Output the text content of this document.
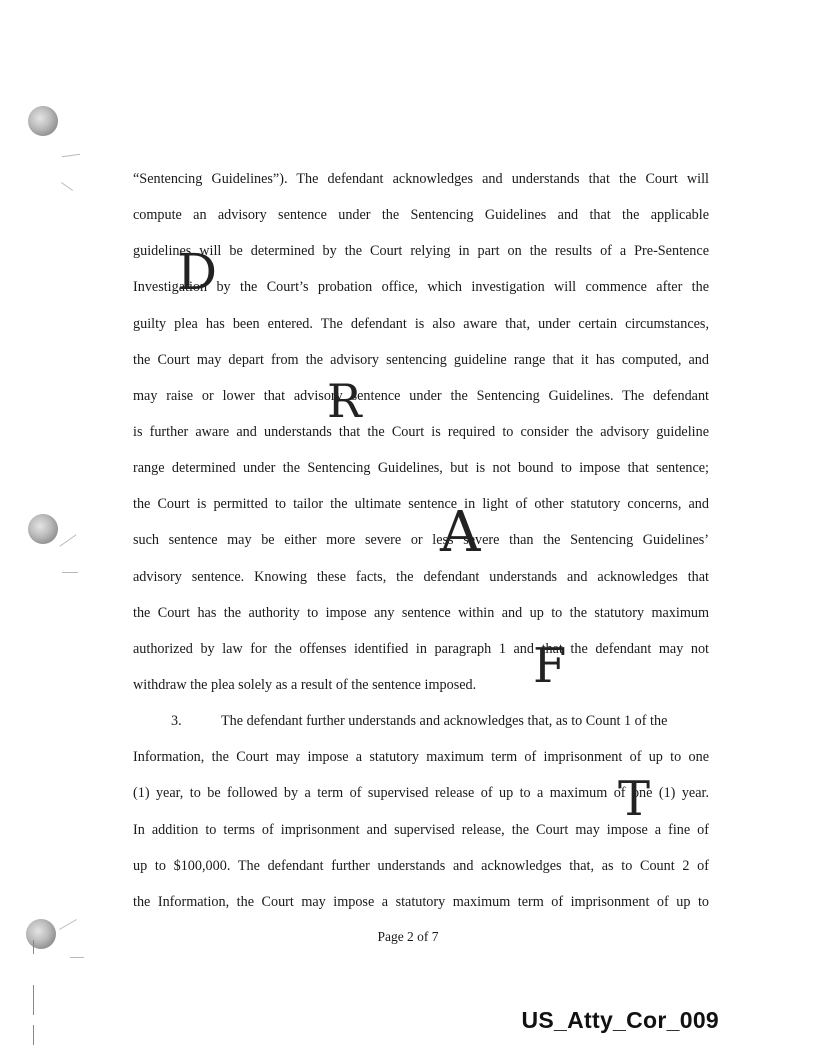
“Sentencing Guidelines”). The defendant acknowledges and understands that the Court will
compute an advisory sentence under the Sentencing Guidelines and that the applicable
guidelines will be determined by the Court relying in part on the results of a Pre-Sentence
Investigation by the Court’s probation office, which investigation will commence after the
guilty plea has been entered. The defendant is also aware that, under certain circumstances,
the Court may depart from the advisory sentencing guideline range that it has computed, and
may raise or lower that advisory sentence under the Sentencing Guidelines. The defendant
is further aware and understands that the Court is required to consider the advisory guideline
range determined under the Sentencing Guidelines, but is not bound to impose that sentence;
the Court is permitted to tailor the ultimate sentence in light of other statutory concerns, and
such sentence may be either more severe or less severe than the Sentencing Guidelines’
advisory sentence. Knowing these facts, the defendant understands and acknowledges that
the Court has the authority to impose any sentence within and up to the statutory maximum
authorized by law for the offenses identified in paragraph 1 and that the defendant may not
withdraw the plea solely as a result of the sentence imposed.
3.	The defendant further understands and acknowledges that, as to Count 1 of the
Information, the Court may impose a statutory maximum term of imprisonment of up to one
(1) year, to be followed by a term of supervised release of up to a maximum of one (1) year.
In addition to terms of imprisonment and supervised release, the Court may impose a fine of
up to $100,000. The defendant further understands and acknowledges that, as to Count 2 of
the Information, the Court may impose a statutory maximum term of imprisonment of up to
D
R
A
F
T
Page 2 of 7
US_Atty_Cor_009
